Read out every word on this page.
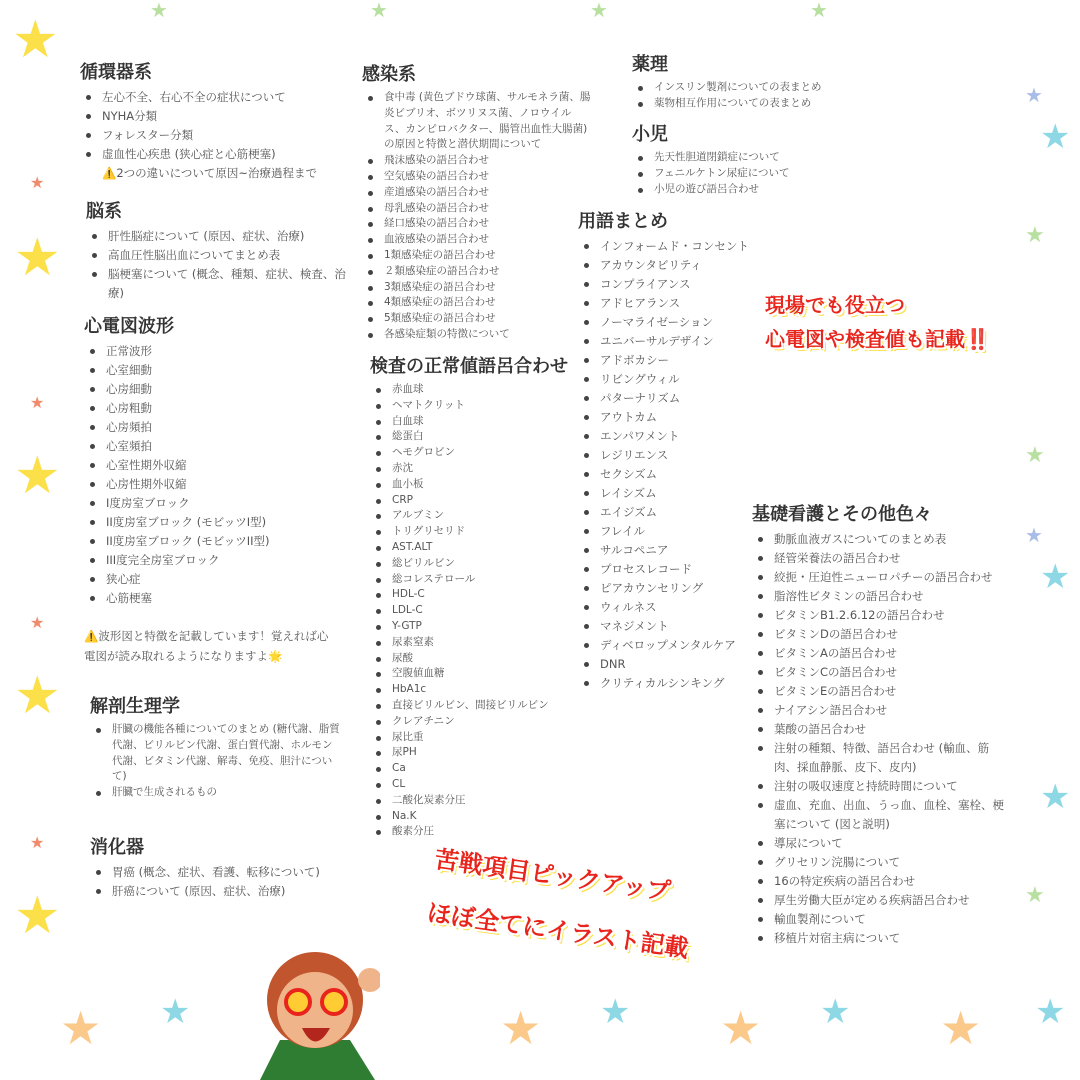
★
★
★
★
★
★
★
★
★
★
★
★
★
★
★
★
★
★ ★	★ ★ ★ ★ ★ ★
★	★	★	★
循環器系
左心不全、右心不全の症状について
NYHA分類
フォレスター分類
虚血性心疾患 (狭心症と心筋梗塞)
⚠️2つの違いについて原因~治療過程まで
脳系
肝性脳症について (原因、症状、治療)
高血圧性脳出血についてまとめ表
脳梗塞について (概念、種類、症状、検査、治療)
心電図波形
正常波形
心室細動
心房細動
心房粗動
心房頻拍
心室頻拍
心室性期外収縮
心房性期外収縮
I度房室ブロック
II度房室ブロック (モビッツI型)
II度房室ブロック (モビッツII型)
III度完全房室ブロック
狭心症
心筋梗塞
⚠️波形図と特徴を記載しています！覚えれば心電図が読み取れるようになりますよ🌟
解剖生理学
肝臓の機能各種についてのまとめ (糖代謝、脂質代謝、ビリルビン代謝、蛋白質代謝、ホルモン代謝、ビタミン代謝、解毒、免疫、胆汁について)
肝臓で生成されるもの
消化器
胃癌 (概念、症状、看護、転移について)
肝癌について (原因、症状、治療)
感染系
食中毒 (黄色ブドウ球菌、サルモネラ菌、腸炎ビブリオ、ボツリヌス菌、ノロウイルス、カンピロバクター、腸管出血性大腸菌) の原因と特徴と潜伏期間について
飛沫感染の語呂合わせ
空気感染の語呂合わせ
産道感染の語呂合わせ
母乳感染の語呂合わせ
経口感染の語呂合わせ
血液感染の語呂合わせ
1類感染症の語呂合わせ
２類感染症の語呂合わせ
3類感染症の語呂合わせ
4類感染症の語呂合わせ
5類感染症の語呂合わせ
各感染症類の特徴について
検査の正常値語呂合わせ
赤血球
ヘマトクリット
白血球
総蛋白
ヘモグロビン
赤沈
血小板
CRP
アルブミン
トリグリセリド
AST.ALT
総ビリルビン
総コレステロール
HDL-C
LDL-C
Y-GTP
尿素窒素
尿酸
空腹値血糖
HbA1c
直接ビリルビン、間接ビリルビン
クレアチニン
尿比重
尿PH
Ca
CL
二酸化炭素分圧
Na.K
酸素分圧
薬理
インスリン製剤についての表まとめ
薬物相互作用についての表まとめ
小児
先天性胆道閉鎖症について
フェニルケトン尿症について
小児の遊び語呂合わせ
用語まとめ
インフォームド・コンセント
アカウンタビリティ
コンプライアンス
アドヒアランス
ノーマライゼーション
ユニバーサルデザイン
アドボカシー
リビングウィル
パターナリズム
アウトカム
エンパワメント
レジリエンス
セクシズム
レイシズム
エイジズム
フレイル
サルコペニア
プロセスレコード
ピアカウンセリング
ウィルネス
マネジメント
ディベロップメンタルケア
DNR
クリティカルシンキング
基礎看護とその他色々
動脈血液ガスについてのまとめ表
経管栄養法の語呂合わせ
絞扼・圧迫性ニューロパチーの語呂合わせ
脂溶性ビタミンの語呂合わせ
ビタミンB1.2.6.12の語呂合わせ
ビタミンDの語呂合わせ
ビタミンAの語呂合わせ
ビタミンCの語呂合わせ
ビタミンEの語呂合わせ
ナイアシン語呂合わせ
葉酸の語呂合わせ
注射の種類、特徴、語呂合わせ (輸血、筋肉、採血静脈、皮下、皮内)
注射の吸収速度と持続時間について
虚血、充血、出血、うっ血、血栓、塞栓、梗塞について (図と説明)
導尿について
グリセリン浣腸について
16の特定疾病の語呂合わせ
厚生労働大臣が定める疾病語呂合わせ
輸血製剤について
移植片対宿主病について
現場でも役立つ
心電図や検査値も記載‼️
苦戦項目ピックアップ
ほぼ全てにイラスト記載
